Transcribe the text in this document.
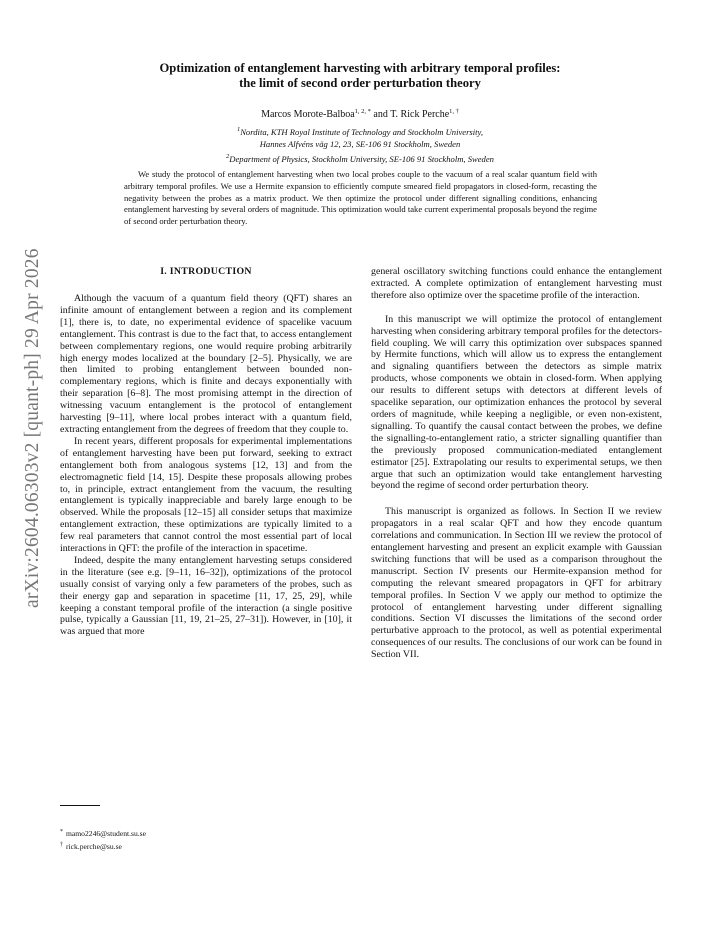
arXiv:2604.06303v2 [quant-ph] 29 Apr 2026
Optimization of entanglement harvesting with arbitrary temporal profiles:
the limit of second order perturbation theory
Marcos Morote-Balboa$^{1, 2, *}$ and T. Rick Perche$^{1, \dagger}$
$^1$Nordita, KTH Royal Institute of Technology and Stockholm University,
Hannes Alfvéns väg 12, 23, SE-106 91 Stockholm, Sweden
$^2$Department of Physics, Stockholm University, SE-106 91 Stockholm, Sweden

We study the protocol of entanglement harvesting when two local probes couple to the vacuum of a real scalar quantum field with arbitrary temporal profiles. We use a Hermite expansion to efficiently compute smeared field propagators in closed-form, recasting the negativity between the probes as a matrix product. We then optimize the protocol under different signalling conditions, enhancing entanglement harvesting by several orders of magnitude. This optimization would take current experimental proposals beyond the regime of second order perturbation theory.

I. INTRODUCTION

Although the vacuum of a quantum field theory (QFT) shares an infinite amount of entanglement between a region and its complement [1], there is, to date, no experimental evidence of spacelike vacuum entanglement. This contrast is due to the fact that, to access entanglement between complementary regions, one would require probing arbitrarily high energy modes localized at the boundary [2–5]. Physically, we are then limited to probing entanglement between bounded non-complementary regions, which is finite and decays exponentially with their separation [6–8]. The most promising attempt in the direction of witnessing vacuum entanglement is the protocol of entanglement harvesting [9–11], where local probes interact with a quantum field, extracting entanglement from the degrees of freedom that they couple to.

In recent years, different proposals for experimental implementations of entanglement harvesting have been put forward, seeking to extract entanglement both from analogous systems [12, 13] and from the electromagnetic field [14, 15]. Despite these proposals allowing probes to, in principle, extract entanglement from the vacuum, the resulting entanglement is typically inappreciable and barely large enough to be observed. While the proposals [12–15] all consider setups that maximize entanglement extraction, these optimizations are typically limited to a few real parameters that cannot control the most essential part of local interactions in QFT: the profile of the interaction in spacetime.

Indeed, despite the many entanglement harvesting setups considered in the literature (see e.g. [9–11, 16–32]), optimizations of the protocol usually consist of varying only a few parameters of the probes, such as their energy gap and separation in spacetime [11, 17, 25, 29], while keeping a constant temporal profile of the interaction (a single positive pulse, typically a Gaussian [11, 19, 21–25, 27–31]). However, in [10], it was argued that more

general oscillatory switching functions could enhance the entanglement extracted. A complete optimization of entanglement harvesting must therefore also optimize over the spacetime profile of the interaction.

In this manuscript we will optimize the protocol of entanglement harvesting when considering arbitrary temporal profiles for the detectors-field coupling. We will carry this optimization over subspaces spanned by Hermite functions, which will allow us to express the entanglement and signaling quantifiers between the detectors as simple matrix products, whose components we obtain in closed-form. When applying our results to different setups with detectors at different levels of spacelike separation, our optimization enhances the protocol by several orders of magnitude, while keeping a negligible, or even non-existent, signalling. To quantify the causal contact between the probes, we define the signalling-to-entanglement ratio, a stricter signalling quantifier than the previously proposed communication-mediated entanglement estimator [25]. Extrapolating our results to experimental setups, we then argue that such an optimization would take entanglement harvesting beyond the regime of second order perturbation theory.

This manuscript is organized as follows. In Section II we review propagators in a real scalar QFT and how they encode quantum correlations and communication. In Section III we review the protocol of entanglement harvesting and present an explicit example with Gaussian switching functions that will be used as a comparison throughout the manuscript. Section IV presents our Hermite-expansion method for computing the relevant smeared propagators in QFT for arbitrary temporal profiles. In Section V we apply our method to optimize the protocol of entanglement harvesting under different signalling conditions. Section VI discusses the limitations of the second order perturbative approach to the protocol, as well as potential experimental consequences of our results. The conclusions of our work can be found in Section VII.

* mamo2246@student.su.se
† rick.perche@su.se
